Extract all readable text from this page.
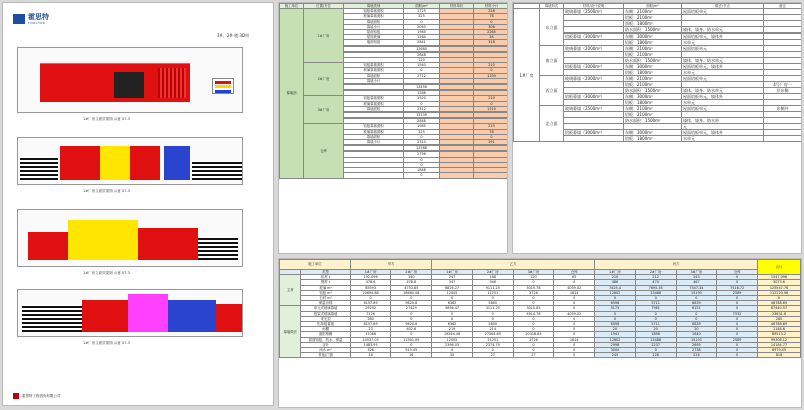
霍思特
FORSTER
3#、2#-楼 3D图
1#厂房立面效果图 示意 07-3
1#厂房立面效果图 示意 07-3
1#厂房立面效果图 示意 07-3
1#厂房立面效果图 示意 07-3
霍思特工程咨询有限公司
施工单位	位置/方位	幕墙类别	面积/m²	材料单价	材料小计
幕墙部	1#厂房	铝板幕墙面积	1725		228
		玻璃幕墙面积	325		78
		幕墙面积	0		0
		幕墙小计	2050		306
		屋面铝板	1985		2265
		屋面玻璃	1264		24
		墙面铝板	2841		318

			12680		

			2648		
			120		
	2#厂房	铝板幕墙面积	1540		210
		玻璃幕墙面积	0		0
		幕墙面积	2712		1250
		幕墙小计			

			13456		

			1288		
	3#厂房	铝板幕墙面积	1520		210
		玻璃幕墙面积	0		0
		幕墙面积	2312		1210

			13139		

			2848		
	仓库	铝板幕墙面积	1985		215
		玻璃幕墙面积	325		76
		幕墙面积	0		0
		幕墙小计	2310		291

			12588		

			2756		
			0		
			0		
			1848		
			0		
	幕墙形式	材料/设计说明	面积/m²	做法/节点	备注
1#厂房	东立面	玻璃幕墙（2500m²）	东侧：2100m²	屋面铝板单元	
			铝板：2100m²		
			面板：1800m²		
			防水面积：1500m²	墙体、墙身、防水单元	

		铝板幕墙（3000m²）	东侧：3000m²	屋面铝板单元，墙体外	
			铝板：1800m²	水单元	
	南立面	玻璃幕墙（2000m²）	东侧：2100m²	屋面铝板单元	
			铝板：2100m²		
			防水面积：1500m²	墙体、墙身、防水单元	
		铝板幕墙（3000m²）	东侧：3000m²	屋面铝板单元，墙体外	
			铝板：1800m²	水单元	
	西立面	玻璃幕墙（2000m²）	东侧：2100m²	屋面铝板单元	
			铝板：2100m²		4号厂房一
			防水面积：1500m²	墙体、墙身、防水单元	层东侧
		铝板幕墙（3000m²）	东侧：3000m²	屋面铝板单元，墙体外	
			铝板：1800m²	水单元	
	北立面	玻璃幕墙（2500m²）	东侧：2100m²	屋面铝板单元	东侧外
			铝板：2100m²		
			防水面积：1500m²	墙体、墙身、防水单	
				元	
		铝板幕墙（3000m²）	东侧：3000m²	屋面铝板单元，墙体外	
			铝板：1800m²	水单元	
施工单位		甲方		乙方				丙方				合计
	类型	1#厂房	2#厂房	1#厂房	2#厂房	3#厂房	仓库	1#厂房	2#厂房	3#厂房	仓库	
主材	铝材 t	192.096	140	247	168	120	65	210	212	243	0	1547.096
	钢材 t	478.8	478.8	347	346	0	0	486	470	467	0	3073.6
	玻璃 m²	65593	4753.65	6826.27	9111.25	5019.76	4059.02	7425.4	7695.35	7547.34	7516.72	125547.76
	铝板 m²	20694.88	18660.08	12005	11251	3726	1814	12802	13488	15193	2589	112220.96
	石材 m²	0	0	0	0	0	0	0	0	0	0	0
	保温岩棉	6157.89	9620.8	6362	5800	0	0	6598	5711	6839	0	46788.69
幕墙做法	单元式玻璃幕墙	29292	27429	5656.47	3111.25	3015.85	0	5173	7961	6151	0	87440.57
	框架式玻璃幕墙	7126	0	0	0	4914.78	4059.02	0	0	0	7532	23631.8
	采光顶	280	0	0	0	0	0	0	0	0	0	280
	铝单板幕墙	6157.89	9620.8	6362	5800	0	0	6598	5711	6839	0	46788.69
	雨棚	23	632.6	219	214	0	0	20	20	20	0	1148.6
	遮阳格栅	17086	0	19264.48	27364.89	20318.83	0	1941	1898	1640	0	89513.2
	屋面铝板、防水、保温	14537.03	11901.09	12005	11251	3726	1814	12802	13488	15193	2589	99306.12
	百叶	1483.95	0	2396.03	2374.79	0	0	2998	2237	2695	0	14184.77
	雨水 m²	326	915.45	0	0	0	0	3000	0	2738	0	6979.45
	其他/门窗	16	16	35	27	27	0	245	226	226	0	818
